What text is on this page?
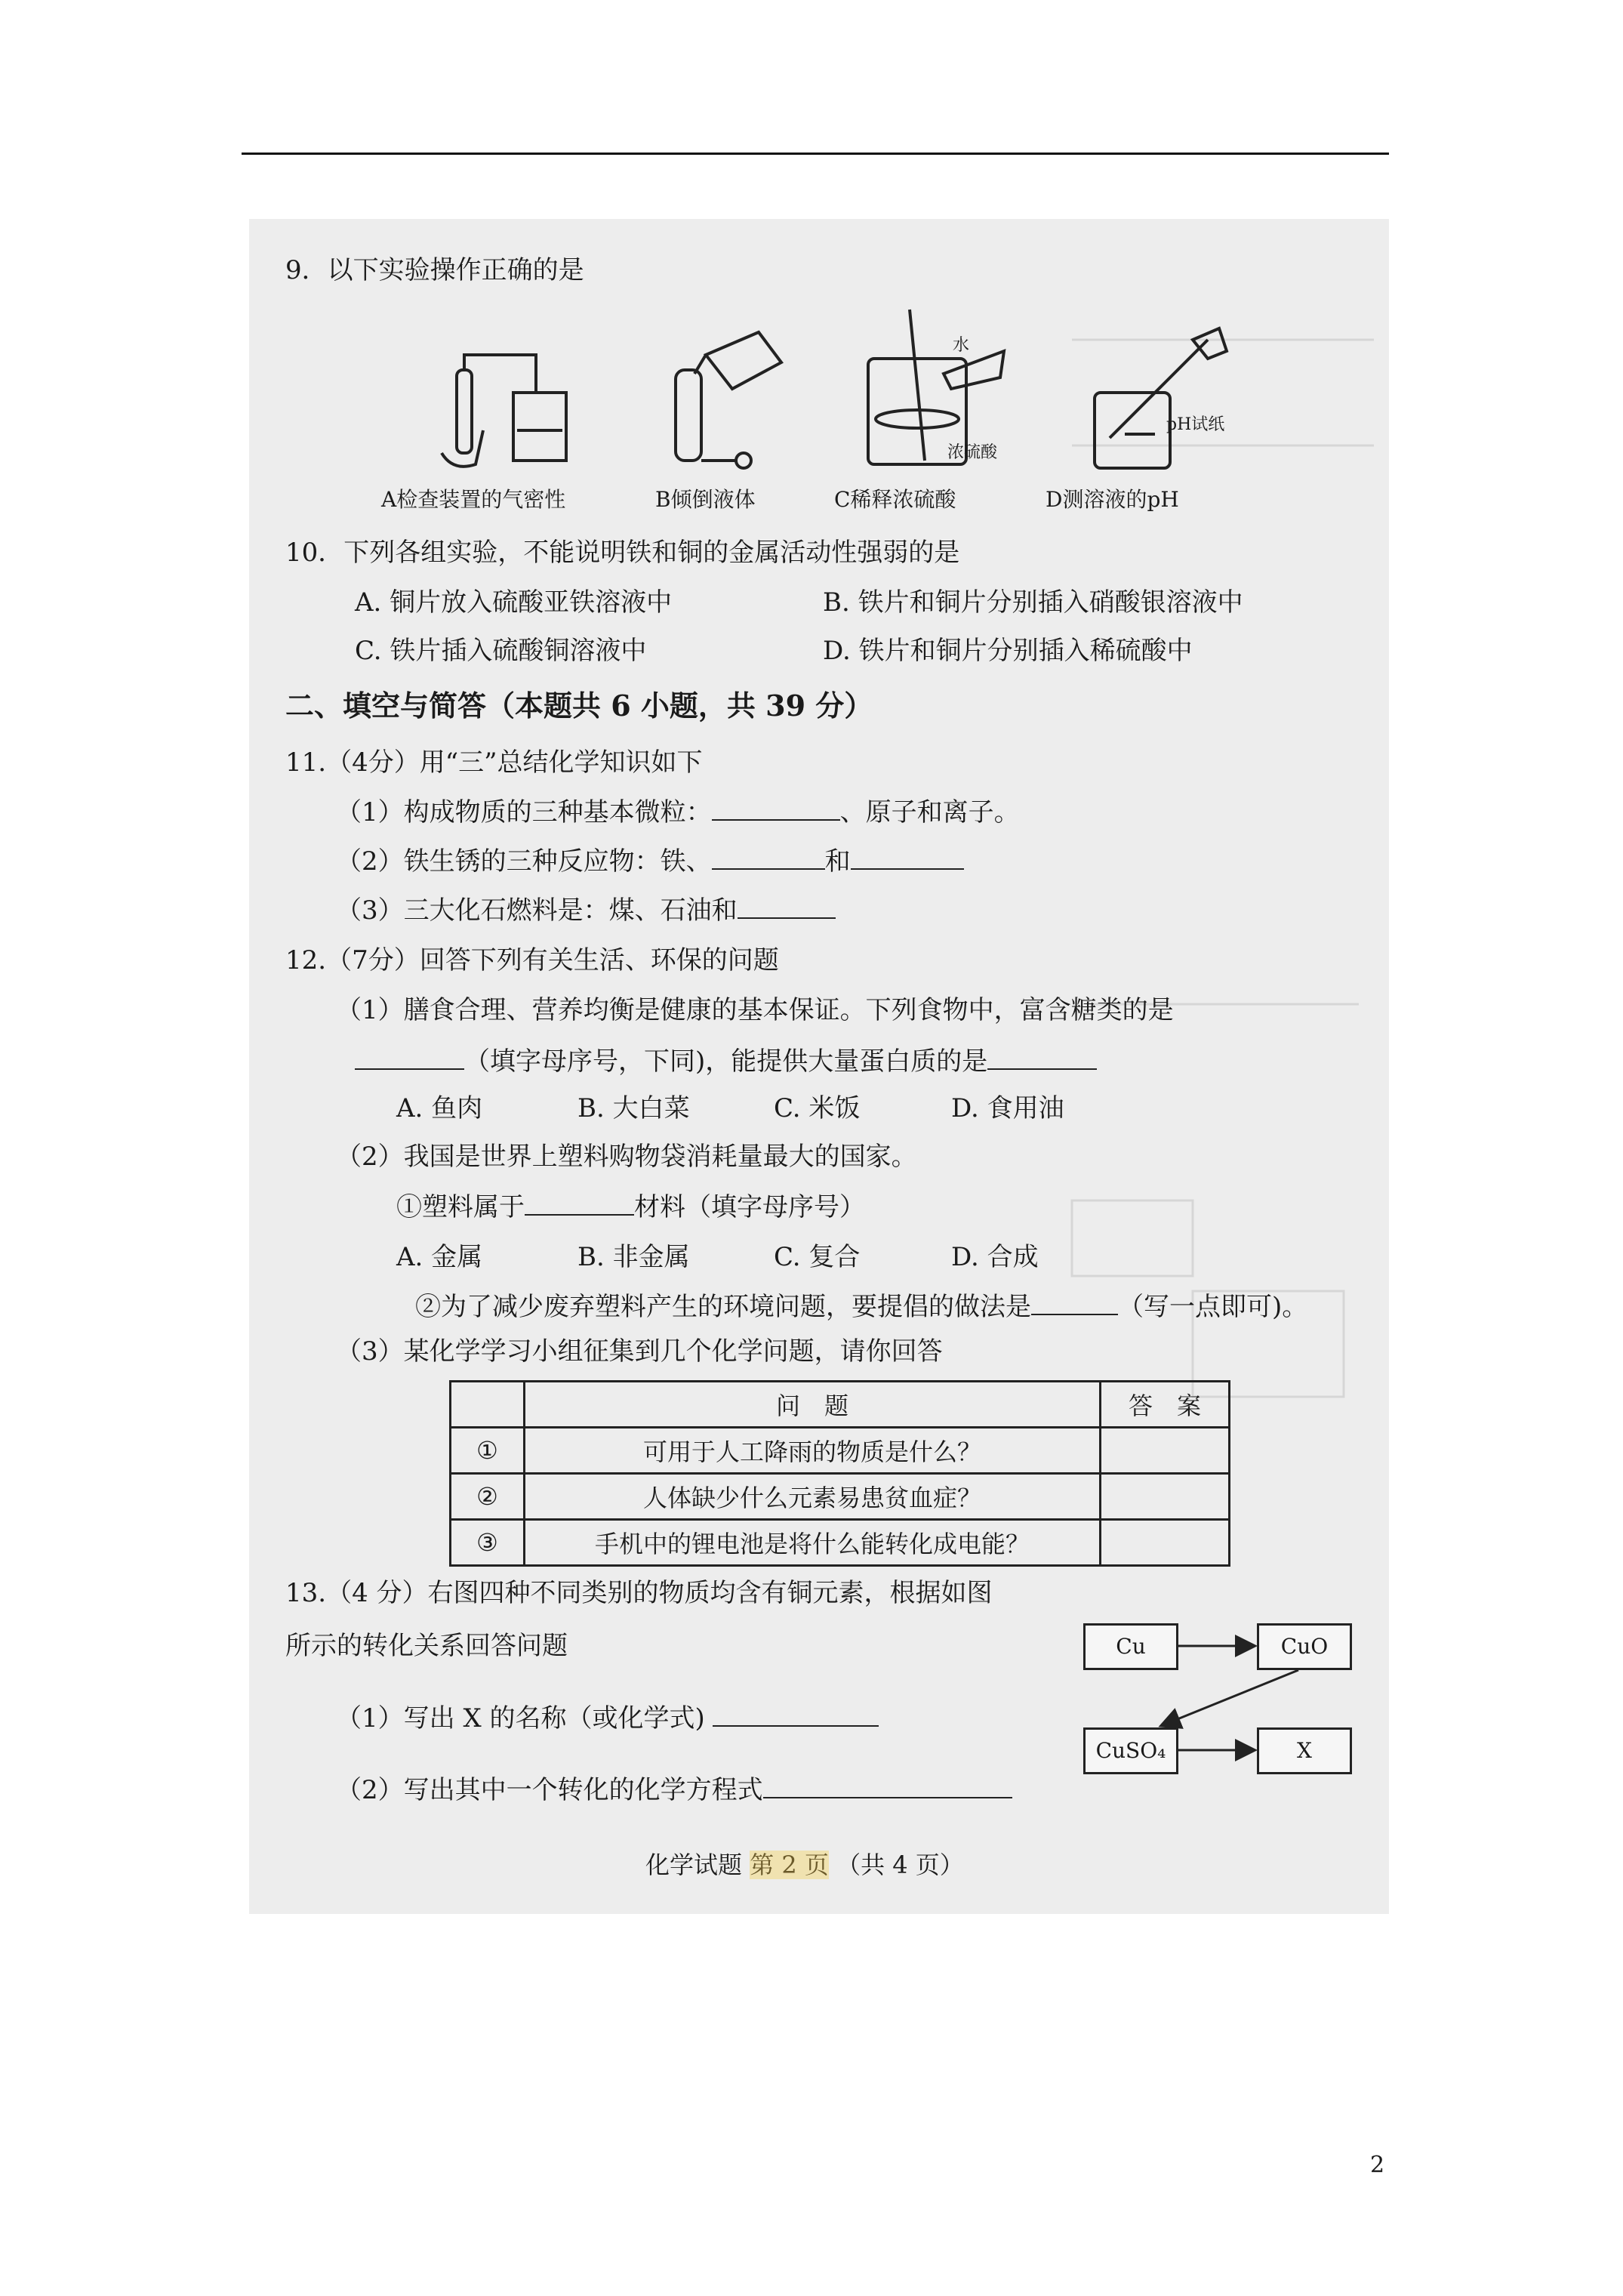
9．以下实验操作正确的是
水
浓硫酸
pH试纸
A检查装置的气密性	B倾倒液体	C稀释浓硫酸	D测溶液的pH
10．下列各组实验，不能说明铁和铜的金属活动性强弱的是
A. 铜片放入硫酸亚铁溶液中	B. 铁片和铜片分别插入硝酸银溶液中
C. 铁片插入硫酸铜溶液中	D. 铁片和铜片分别插入稀硫酸中
二、填空与简答（本题共 6 小题，共 39 分）
11.（4分）用“三”总结化学知识如下
（1）构成物质的三种基本微粒：	、原子和离子。
（2）铁生锈的三种反应物：铁、	和
（3）三大化石燃料是：煤、石油和
12.（7分）回答下列有关生活、环保的问题
（1）膳食合理、营养均衡是健康的基本保证。下列食物中，富含糖类的是
（填字母序号，下同)，能提供大量蛋白质的是
A. 鱼肉	B. 大白菜	C. 米饭	D. 食用油
（2）我国是世界上塑料购物袋消耗量最大的国家。
①塑料属于	材料（填字母序号）
A. 金属	B. 非金属	C. 复合	D. 合成
②为了减少废弃塑料产生的环境问题，要提倡的做法是	（写一点即可)。
（3）某化学学习小组征集到几个化学问题，请你回答
	问　题	答　案
①	可用于人工降雨的物质是什么？	
②	人体缺少什么元素易患贫血症？	
③	手机中的锂电池是将什么能转化成电能？	
13.（4 分）右图四种不同类别的物质均含有铜元素，根据如图
所示的转化关系回答问题
（1）写出 X 的名称（或化学式)
（2）写出其中一个转化的化学方程式
Cu	CuO
CuSO₄	X
化学试题 第 2 页 （共 4 页）
2
